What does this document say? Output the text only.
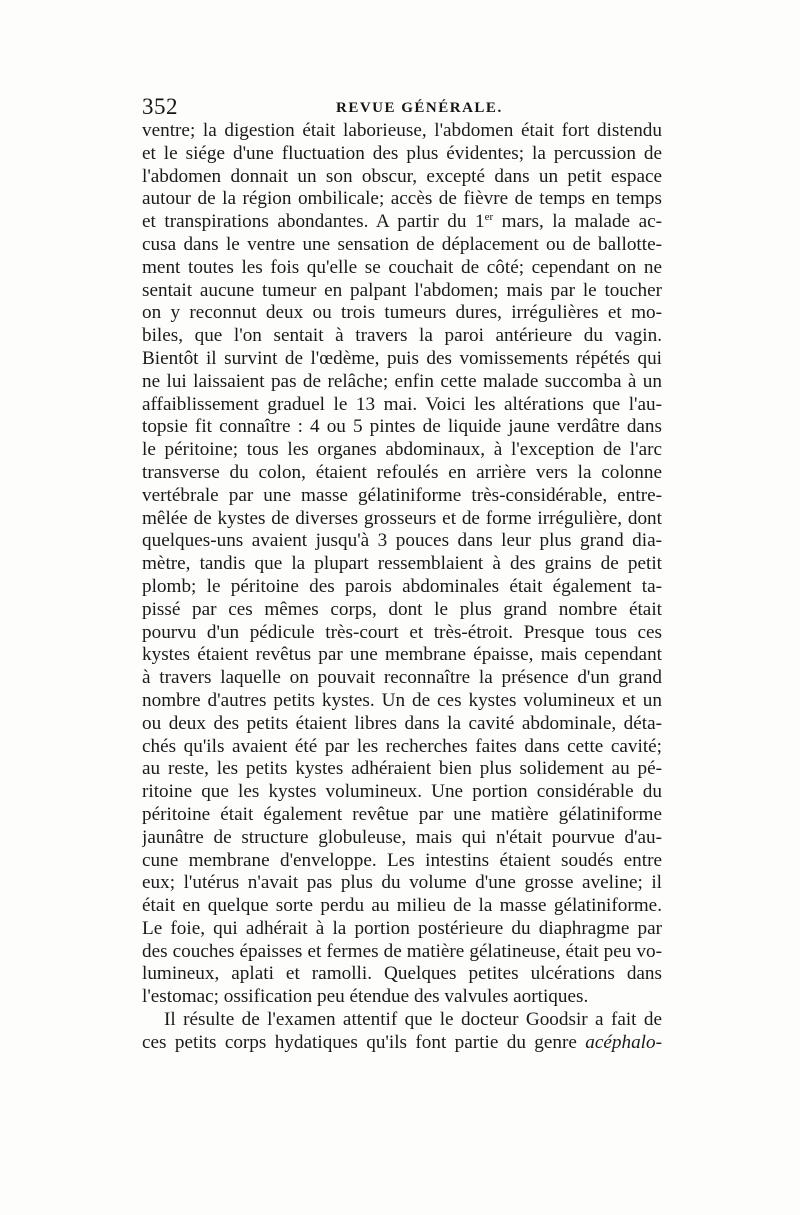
352	REVUE GÉNÉRALE.
ventre; la digestion était laborieuse, l'abdomen était fort distendu
et le siége d'une fluctuation des plus évidentes; la percussion de
l'abdomen donnait un son obscur, excepté dans un petit espace
autour de la région ombilicale; accès de fièvre de temps en temps
et transpirations abondantes. A partir du 1er mars, la malade ac-
cusa dans le ventre une sensation de déplacement ou de ballotte-
ment toutes les fois qu'elle se couchait de côté; cependant on ne
sentait aucune tumeur en palpant l'abdomen; mais par le toucher
on y reconnut deux ou trois tumeurs dures, irrégulières et mo-
biles, que l'on sentait à travers la paroi antérieure du vagin.
Bientôt il survint de l'œdème, puis des vomissements répétés qui
ne lui laissaient pas de relâche; enfin cette malade succomba à un
affaiblissement graduel le 13 mai. Voici les altérations que l'au-
topsie fit connaître : 4 ou 5 pintes de liquide jaune verdâtre dans
le péritoine; tous les organes abdominaux, à l'exception de l'arc
transverse du colon, étaient refoulés en arrière vers la colonne
vertébrale par une masse gélatiniforme très-considérable, entre-
mêlée de kystes de diverses grosseurs et de forme irrégulière, dont
quelques-uns avaient jusqu'à 3 pouces dans leur plus grand dia-
mètre, tandis que la plupart ressemblaient à des grains de petit
plomb; le péritoine des parois abdominales était également ta-
pissé par ces mêmes corps, dont le plus grand nombre était
pourvu d'un pédicule très-court et très-étroit. Presque tous ces
kystes étaient revêtus par une membrane épaisse, mais cependant
à travers laquelle on pouvait reconnaître la présence d'un grand
nombre d'autres petits kystes. Un de ces kystes volumineux et un
ou deux des petits étaient libres dans la cavité abdominale, déta-
chés qu'ils avaient été par les recherches faites dans cette cavité;
au reste, les petits kystes adhéraient bien plus solidement au pé-
ritoine que les kystes volumineux. Une portion considérable du
péritoine était également revêtue par une matière gélatiniforme
jaunâtre de structure globuleuse, mais qui n'était pourvue d'au-
cune membrane d'enveloppe. Les intestins étaient soudés entre
eux; l'utérus n'avait pas plus du volume d'une grosse aveline; il
était en quelque sorte perdu au milieu de la masse gélatiniforme.
Le foie, qui adhérait à la portion postérieure du diaphragme par
des couches épaisses et fermes de matière gélatineuse, était peu vo-
lumineux, aplati et ramolli. Quelques petites ulcérations dans
l'estomac; ossification peu étendue des valvules aortiques.
Il résulte de l'examen attentif que le docteur Goodsir a fait de
ces petits corps hydatiques qu'ils font partie du genre acéphalo-
